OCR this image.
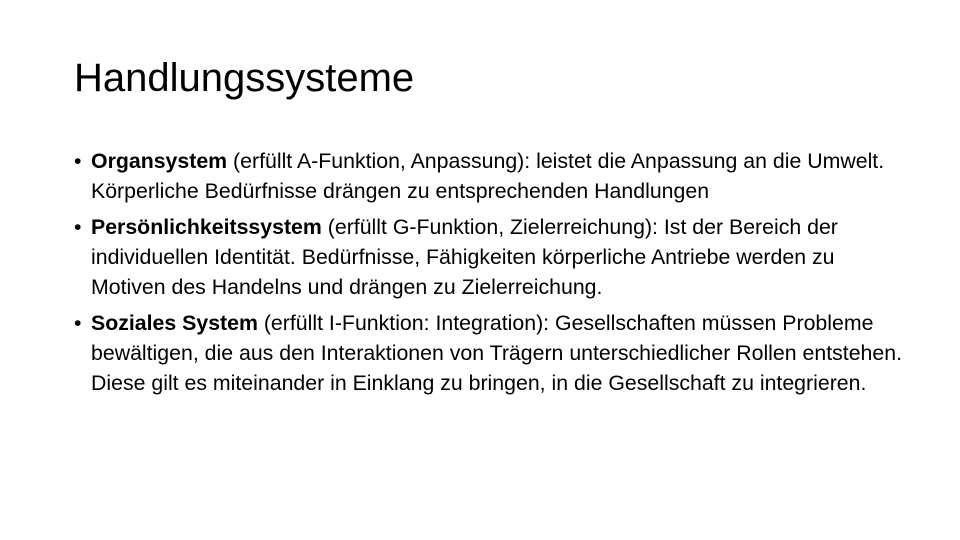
Handlungssysteme
• Organsystem (erfüllt A-Funktion, Anpassung): leistet die Anpassung an die Umwelt. Körperliche Bedürfnisse drängen zu entsprechenden Handlungen
• Persönlichkeitssystem (erfüllt G-Funktion, Zielerreichung): Ist der Bereich der individuellen Identität. Bedürfnisse, Fähigkeiten körperliche Antriebe werden zu Motiven des Handelns und drängen zu Zielerreichung.
• Soziales System (erfüllt I-Funktion: Integration): Gesellschaften müssen Probleme bewältigen, die aus den Interaktionen von Trägern unterschiedlicher Rollen entstehen. Diese gilt es miteinander in Einklang zu bringen, in die Gesellschaft zu integrieren.
